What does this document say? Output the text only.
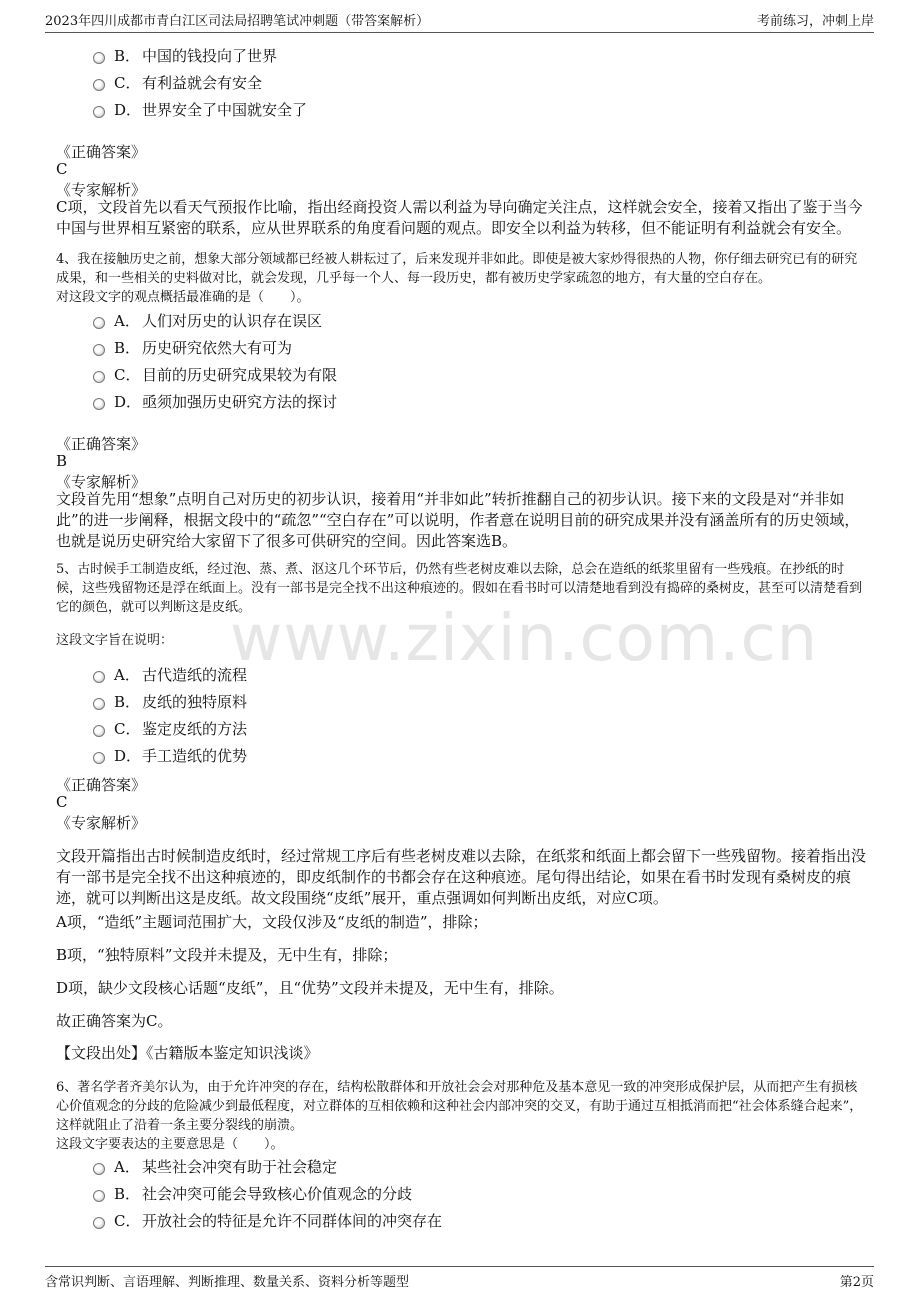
2023年四川成都市青白江区司法局招聘笔试冲刺题（带答案解析）	考前练习，冲刺上岸
www.zixin.com.cn
B． 中国的钱投向了世界
C． 有利益就会有安全
D． 世界安全了中国就安全了
《正确答案》
C
《专家解析》
C项，文段首先以看天气预报作比喻，指出经商投资人需以利益为导向确定关注点，这样就会安全，接着又指出了鉴于当今中国与世界相互紧密的联系，应从世界联系的角度看问题的观点。即安全以利益为转移，但不能证明有利益就会有安全。
4、我在接触历史之前，想象大部分领域都已经被人耕耘过了，后来发现并非如此。即使是被大家炒得很热的人物，你仔细去研究已有的研究成果，和一些相关的史料做对比，就会发现，几乎每一个人、每一段历史，都有被历史学家疏忽的地方，有大量的空白存在。
对这段文字的观点概括最准确的是（　　）。
A． 人们对历史的认识存在误区
B． 历史研究依然大有可为
C． 目前的历史研究成果较为有限
D． 亟须加强历史研究方法的探讨
《正确答案》
B
《专家解析》
文段首先用“想象”点明自己对历史的初步认识，接着用“并非如此”转折推翻自己的初步认识。接下来的文段是对“并非如此”的进一步阐释，根据文段中的“疏忽”“空白存在”可以说明，作者意在说明目前的研究成果并没有涵盖所有的历史领域，也就是说历史研究给大家留下了很多可供研究的空间。因此答案选B。
5、古时候手工制造皮纸，经过泡、蒸、煮、沤这几个环节后，仍然有些老树皮难以去除，总会在造纸的纸浆里留有一些残痕。在抄纸的时候，这些残留物还是浮在纸面上。没有一部书是完全找不出这种痕迹的。假如在看书时可以清楚地看到没有捣碎的桑树皮，甚至可以清楚看到它的颜色，就可以判断这是皮纸。
这段文字旨在说明：
A． 古代造纸的流程
B． 皮纸的独特原料
C． 鉴定皮纸的方法
D． 手工造纸的优势
《正确答案》
C
《专家解析》
文段开篇指出古时候制造皮纸时，经过常规工序后有些老树皮难以去除，在纸浆和纸面上都会留下一些残留物。接着指出没有一部书是完全找不出这种痕迹的，即皮纸制作的书都会存在这种痕迹。尾句得出结论，如果在看书时发现有桑树皮的痕迹，就可以判断出这是皮纸。故文段围绕“皮纸”展开，重点强调如何判断出皮纸，对应C项。
A项，“造纸”主题词范围扩大，文段仅涉及“皮纸的制造”，排除；
B项，“独特原料”文段并未提及，无中生有，排除；
D项，缺少文段核心话题“皮纸”，且“优势”文段并未提及，无中生有，排除。
故正确答案为C。
【文段出处】《古籍版本鉴定知识浅谈》
6、著名学者齐美尔认为，由于允许冲突的存在，结构松散群体和开放社会会对那种危及基本意见一致的冲突形成保护层，从而把产生有损核心价值观念的分歧的危险减少到最低程度，对立群体的互相依赖和这种社会内部冲突的交叉，有助于通过互相抵消而把“社会体系缝合起来”，这样就阻止了沿着一条主要分裂线的崩溃。
这段文字要表达的主要意思是（　　）。
A． 某些社会冲突有助于社会稳定
B． 社会冲突可能会导致核心价值观念的分歧
C． 开放社会的特征是允许不同群体间的冲突存在
含常识判断、言语理解、判断推理、数量关系、资料分析等题型	第2页
